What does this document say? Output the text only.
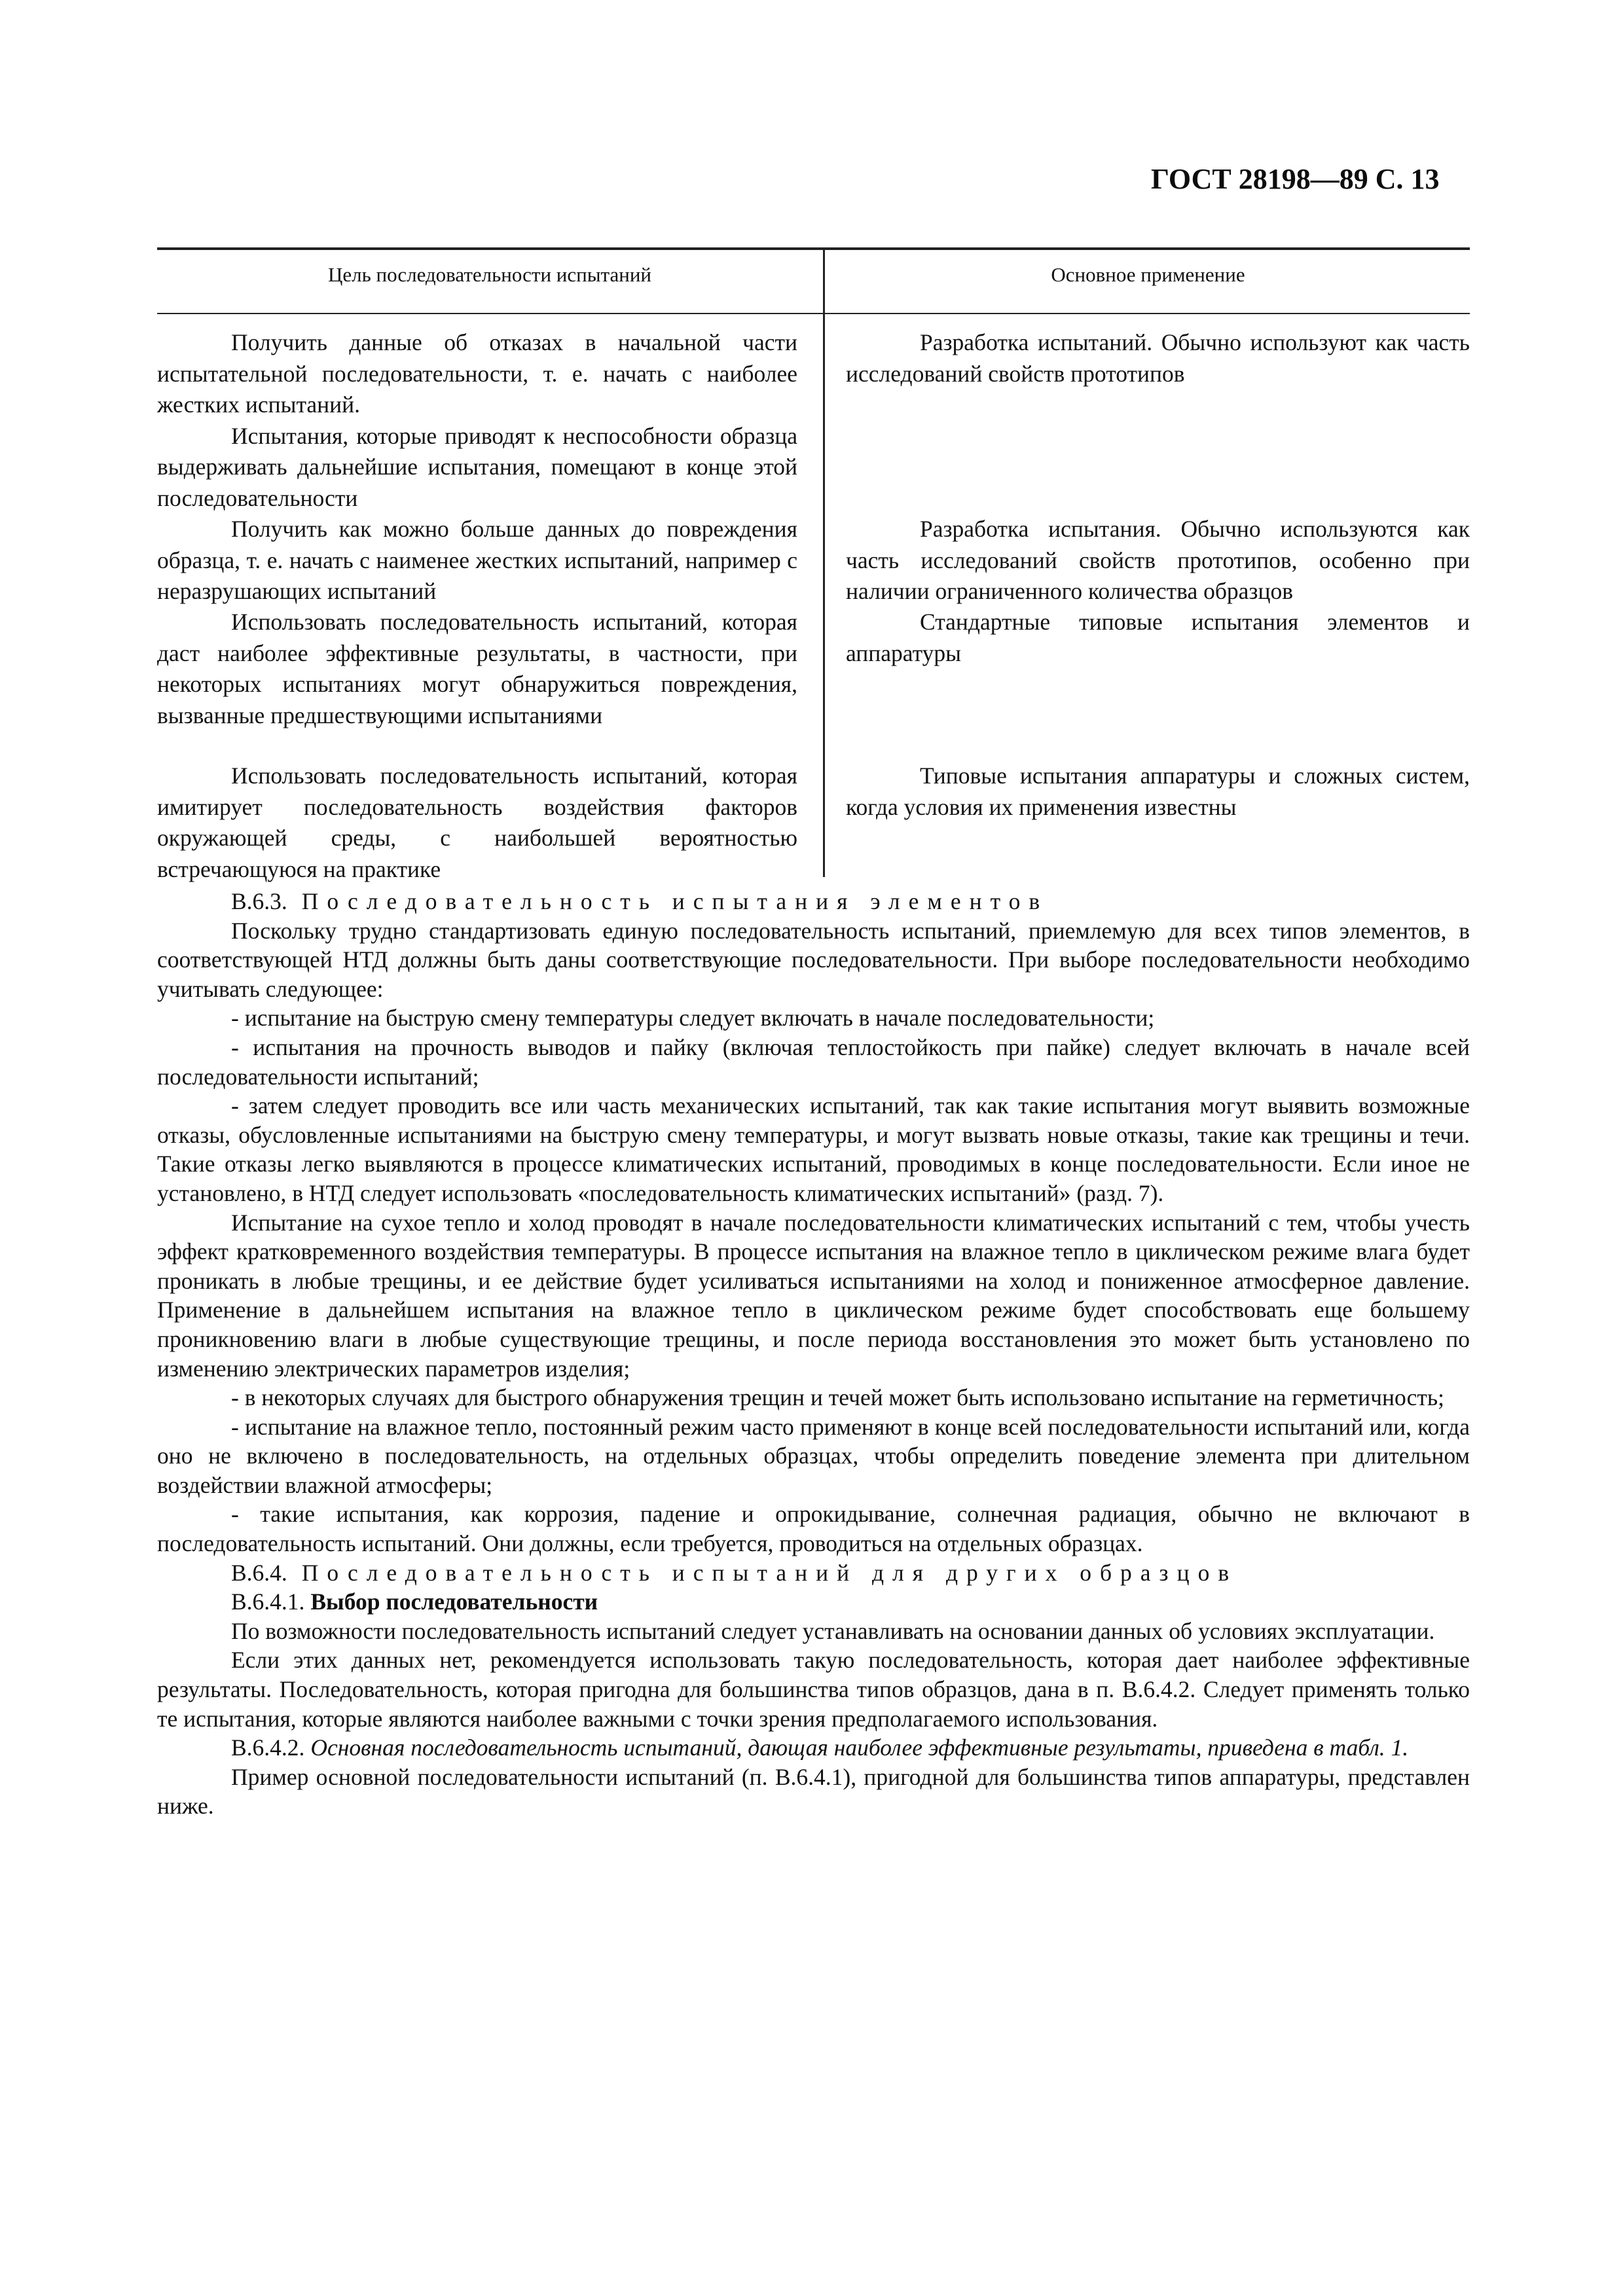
ГОСТ 28198—89 С. 13
Цель последовательности испытаний	Основное применение

Получить данные об отказах в начальной части испытательной последовательности, т. е. начать с наиболее жестких испытаний.

Испытания, которые приводят к неспособности образца выдерживать дальнейшие испытания, помещают в конце этой последовательности

Получить как можно больше данных до повреждения образца, т. е. начать с наименее жестких испытаний, например с неразрушающих испытаний

Использовать последовательность испытаний, которая даст наиболее эффективные результаты, в частности, при некоторых испытаниях могут обнаружиться повреждения, вызванные предшествующими испытаниями

Использовать последовательность испытаний, которая имитирует последовательность воздействия факторов окружающей среды, с наибольшей вероятностью встречающуюся на практике

Разработка испытаний. Обычно используют как часть исследований свойств прототипов

Разработка испытания. Обычно используются как часть исследований свойств прототипов, особенно при наличии ограниченного количества образцов

Стандартные типовые испытания элементов и аппаратуры

Типовые испытания аппаратуры и сложных систем, когда условия их применения известны

В.6.3. Последовательность испытания элементов

Поскольку трудно стандартизовать единую последовательность испытаний, приемлемую для всех типов элементов, в соответствующей НТД должны быть даны соответствующие последовательности. При выборе последовательности необходимо учитывать следующее:

- испытание на быструю смену температуры следует включать в начале последовательности;

- испытания на прочность выводов и пайку (включая теплостойкость при пайке) следует включать в начале всей последовательности испытаний;

- затем следует проводить все или часть механических испытаний, так как такие испытания могут выявить возможные отказы, обусловленные испытаниями на быструю смену температуры, и могут вызвать новые отказы, такие как трещины и течи. Такие отказы легко выявляются в процессе климатических испытаний, проводимых в конце последовательности. Если иное не установлено, в НТД следует использовать «последовательность климатических испытаний» (разд. 7).

Испытание на сухое тепло и холод проводят в начале последовательности климатических испытаний с тем, чтобы учесть эффект кратковременного воздействия температуры. В процессе испытания на влажное тепло в циклическом режиме влага будет проникать в любые трещины, и ее действие будет усиливаться испытаниями на холод и пониженное атмосферное давление. Применение в дальнейшем испытания на влажное тепло в циклическом режиме будет способствовать еще большему проникновению влаги в любые существующие трещины, и после периода восстановления это может быть установлено по изменению электрических параметров изделия;

- в некоторых случаях для быстрого обнаружения трещин и течей может быть использовано испытание на герметичность;

- испытание на влажное тепло, постоянный режим часто применяют в конце всей последовательности испытаний или, когда оно не включено в последовательность, на отдельных образцах, чтобы определить поведение элемента при длительном воздействии влажной атмосферы;

- такие испытания, как коррозия, падение и опрокидывание, солнечная радиация, обычно не включают в последовательность испытаний. Они должны, если требуется, проводиться на отдельных образцах.

В.6.4. Последовательность испытаний для других образцов

В.6.4.1. Выбор последовательности

По возможности последовательность испытаний следует устанавливать на основании данных об условиях эксплуатации.

Если этих данных нет, рекомендуется использовать такую последовательность, которая дает наиболее эффективные результаты. Последовательность, которая пригодна для большинства типов образцов, дана в п. В.6.4.2. Следует применять только те испытания, которые являются наиболее важными с точки зрения предполагаемого использования.

В.6.4.2. Основная последовательность испытаний, дающая наиболее эффективные результаты, приведена в табл. 1.

Пример основной последовательности испытаний (п. В.6.4.1), пригодной для большинства типов аппаратуры, представлен ниже.
